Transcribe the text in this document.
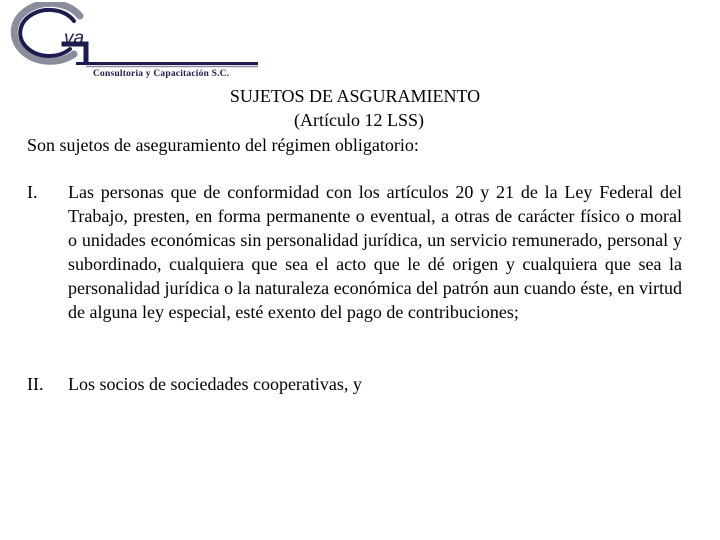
va
Consultoria y Capacitación S.C.
SUJETOS DE ASGURAMIENTO
(Artículo 12 LSS)
Son sujetos de aseguramiento del régimen obligatorio:
I. Las personas que de conformidad con los artículos 20 y 21 de la Ley Federal del Trabajo, presten, en forma permanente o eventual, a otras de carácter físico o moral o unidades económicas sin personalidad jurídica, un servicio remunerado, personal y subordinado, cualquiera que sea el acto que le dé origen y cualquiera que sea la personalidad jurídica o la naturaleza económica del patrón aun cuando éste, en virtud de alguna ley especial, esté exento del pago de contribuciones;
II. Los socios de sociedades cooperativas, y
